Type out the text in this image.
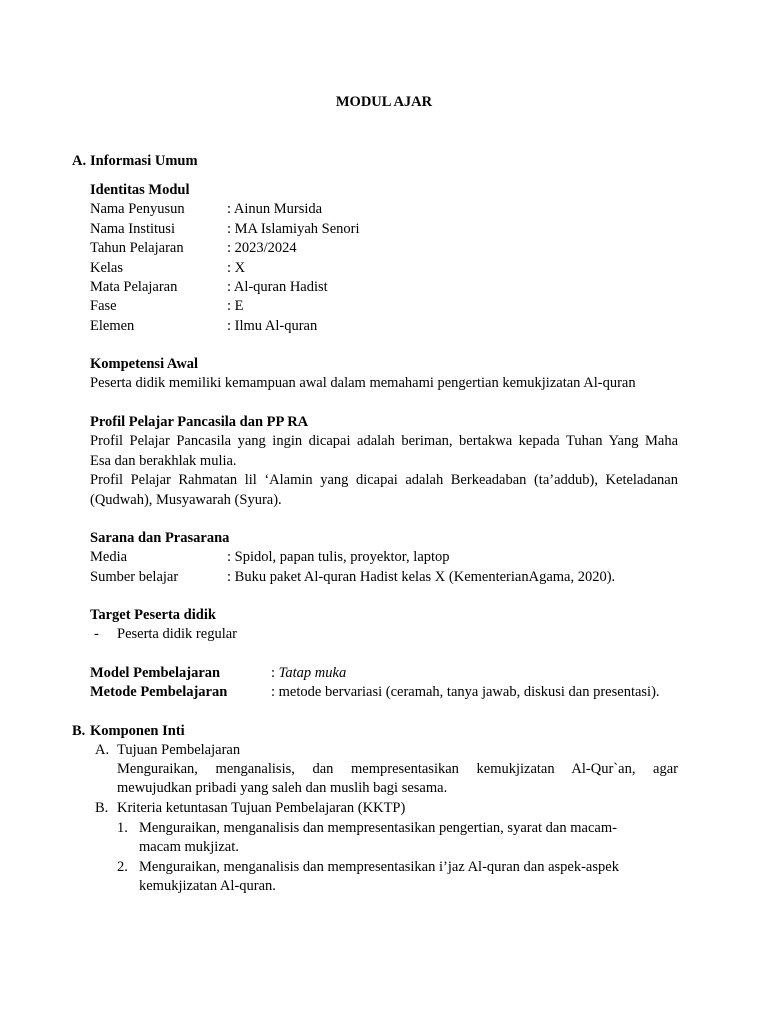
MODUL AJAR
A. Informasi Umum
Identitas Modul
Nama Penyusun	: Ainun Mursida
Nama Institusi	: MA Islamiyah Senori
Tahun Pelajaran	: 2023/2024
Kelas	: X
Mata Pelajaran	: Al-quran Hadist
Fase	: E
Elemen	: Ilmu Al-quran
Kompetensi Awal
Peserta didik memiliki kemampuan awal dalam memahami pengertian kemukjizatan Al-quran
Profil Pelajar Pancasila dan PP RA
Profil Pelajar Pancasila yang ingin dicapai adalah beriman, bertakwa kepada Tuhan Yang Maha
Esa dan berakhlak mulia.
Profil Pelajar Rahmatan lil ‘Alamin yang dicapai adalah Berkeadaban (ta’addub), Keteladanan
(Qudwah), Musyawarah (Syura).
Sarana dan Prasarana
Media	: Spidol, papan tulis, proyektor, laptop
Sumber belajar	: Buku paket Al-quran Hadist kelas X (KementerianAgama, 2020).
Target Peserta didik
-	Peserta didik regular
Model Pembelajaran	: Tatap muka
Metode Pembelajaran	: metode bervariasi (ceramah, tanya jawab, diskusi dan presentasi).
B. Komponen Inti
A. Tujuan Pembelajaran
Menguraikan, menganalisis, dan mempresentasikan kemukjizatan Al-Qur`an, agar
mewujudkan pribadi yang saleh dan muslih bagi sesama.
B. Kriteria ketuntasan Tujuan Pembelajaran (KKTP)
1. Menguraikan, menganalisis dan mempresentasikan pengertian, syarat dan macam-
macam mukjizat.
2. Menguraikan, menganalisis dan mempresentasikan i’jaz Al-quran dan aspek-aspek
kemukjizatan Al-quran.
